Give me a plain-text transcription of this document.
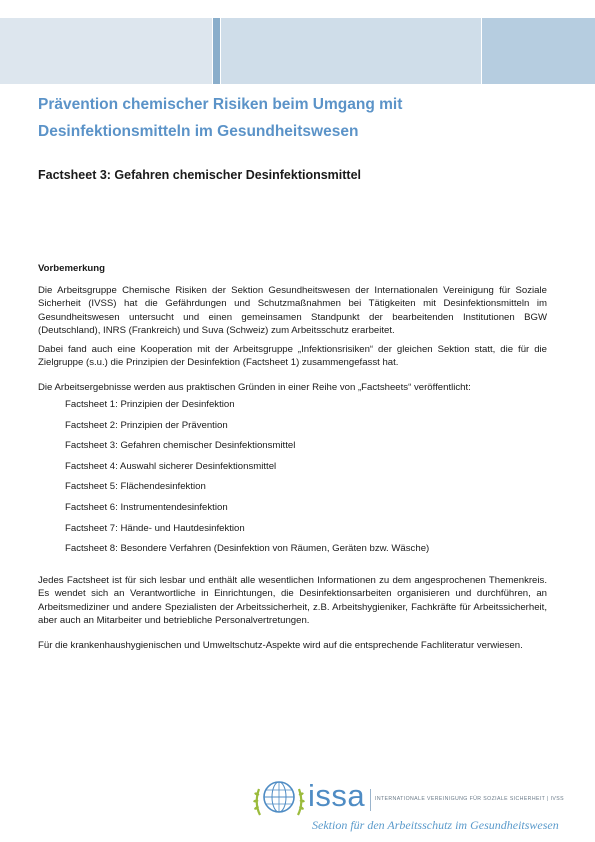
Prävention chemischer Risiken beim Umgang mit
Desinfektionsmitteln im Gesundheitswesen
Factsheet 3: Gefahren chemischer Desinfektionsmittel

Vorbemerkung

Die Arbeitsgruppe Chemische Risiken der Sektion Gesundheitswesen der Internationalen Vereinigung für Soziale Sicherheit (IVSS) hat die Gefährdungen und Schutzmaßnahmen bei Tätigkeiten mit Desinfektionsmitteln im Gesundheitswesen untersucht und einen gemeinsamen Standpunkt der bearbeitenden Institutionen BGW (Deutschland), INRS (Frankreich) und Suva (Schweiz) zum Arbeitsschutz erarbeitet.

Dabei fand auch eine Kooperation mit der Arbeitsgruppe „Infektionsrisiken“ der gleichen Sektion statt, die für die Zielgruppe (s.u.) die Prinzipien der Desinfektion (Factsheet 1) zusammengefasst hat.

Die Arbeitsergebnisse werden aus praktischen Gründen in einer Reihe von „Factsheets“ veröffentlicht:

Factsheet 1: Prinzipien der Desinfektion
Factsheet 2: Prinzipien der Prävention
Factsheet 3: Gefahren chemischer Desinfektionsmittel
Factsheet 4: Auswahl sicherer Desinfektionsmittel
Factsheet 5: Flächendesinfektion
Factsheet 6: Instrumentendesinfektion
Factsheet 7: Hände- und Hautdesinfektion
Factsheet 8: Besondere Verfahren (Desinfektion von Räumen, Geräten bzw. Wäsche)

Jedes Factsheet ist für sich lesbar und enthält alle wesentlichen Informationen zu dem angesprochenen Themenkreis. Es wendet sich an Verantwortliche in Einrichtungen, die Desinfektionsarbeiten organisieren und durchführen, an Arbeitsmediziner und andere Spezialisten der Arbeitssicherheit, z.B. Arbeitshygieniker, Fachkräfte für Arbeitssicherheit, aber auch an Mitarbeiter und betriebliche Personalvertretungen.

Für die krankenhaushygienischen und Umweltschutz-Aspekte wird auf die entsprechende Fachliteratur verwiesen.

issa INTERNATIONALE VEREINIGUNG FÜR SOZIALE SICHERHEIT | IVSS
Sektion für den Arbeitsschutz im Gesundheitswesen
